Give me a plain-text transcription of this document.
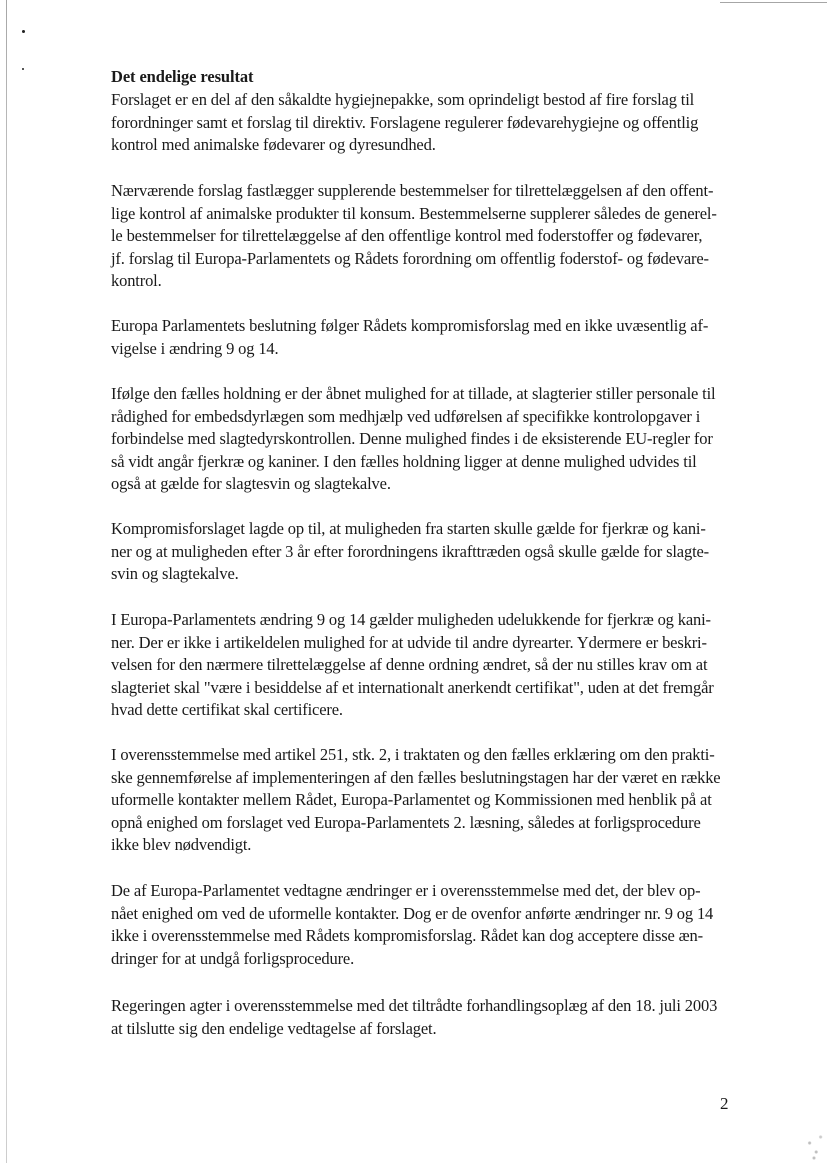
Det endelige resultat
Forslaget er en del af den såkaldte hygiejnepakke, som oprindeligt bestod af fire forslag til
forordninger samt et forslag til direktiv. Forslagene regulerer fødevarehygiejne og offentlig
kontrol med animalske fødevarer og dyresundhed.
Nærværende forslag fastlægger supplerende bestemmelser for tilrettelæggelsen af den offent-
lige kontrol af animalske produkter til konsum. Bestemmelserne supplerer således de generel-
le bestemmelser for tilrettelæggelse af den offentlige kontrol med foderstoffer og fødevarer,
jf. forslag til Europa-Parlamentets og Rådets forordning om offentlig foderstof- og fødevare-
kontrol.
Europa Parlamentets beslutning følger Rådets kompromisforslag med en ikke uvæsentlig af-
vigelse i ændring 9 og 14.
Ifølge den fælles holdning er der åbnet mulighed for at tillade, at slagterier stiller personale til
rådighed for embedsdyrlægen som medhjælp ved udførelsen af specifikke kontrolopgaver i
forbindelse med slagtedyrskontrollen. Denne mulighed findes i de eksisterende EU-regler for
så vidt angår fjerkræ og kaniner. I den fælles holdning ligger at denne mulighed udvides til
også at gælde for slagtesvin og slagtekalve.
Kompromisforslaget lagde op til, at muligheden fra starten skulle gælde for fjerkræ og kani-
ner og at muligheden efter 3 år efter forordningens ikrafttræden også skulle gælde for slagte-
svin og slagtekalve.
I Europa-Parlamentets ændring 9 og 14 gælder muligheden udelukkende for fjerkræ og kani-
ner. Der er ikke i artikeldelen mulighed for at udvide til andre dyrearter. Ydermere er beskri-
velsen for den nærmere tilrettelæggelse af denne ordning ændret, så der nu stilles krav om at
slagteriet skal "være i besiddelse af et internationalt anerkendt certifikat", uden at det fremgår
hvad dette certifikat skal certificere.
I overensstemmelse med artikel 251, stk. 2, i traktaten og den fælles erklæring om den prakti-
ske gennemførelse af implementeringen af den fælles beslutningstagen har der været en række
uformelle kontakter mellem Rådet, Europa-Parlamentet og Kommissionen med henblik på at
opnå enighed om forslaget ved Europa-Parlamentets 2. læsning, således at forligsprocedure
ikke blev nødvendigt.
De af Europa-Parlamentet vedtagne ændringer er i overensstemmelse med det, der blev op-
nået enighed om ved de uformelle kontakter. Dog er de ovenfor anførte ændringer nr. 9 og 14
ikke i overensstemmelse med Rådets kompromisforslag. Rådet kan dog acceptere disse æn-
dringer for at undgå forligsprocedure.
Regeringen agter i overensstemmelse med det tiltrådte forhandlingsoplæg af den 18. juli 2003
at tilslutte sig den endelige vedtagelse af forslaget.
2
